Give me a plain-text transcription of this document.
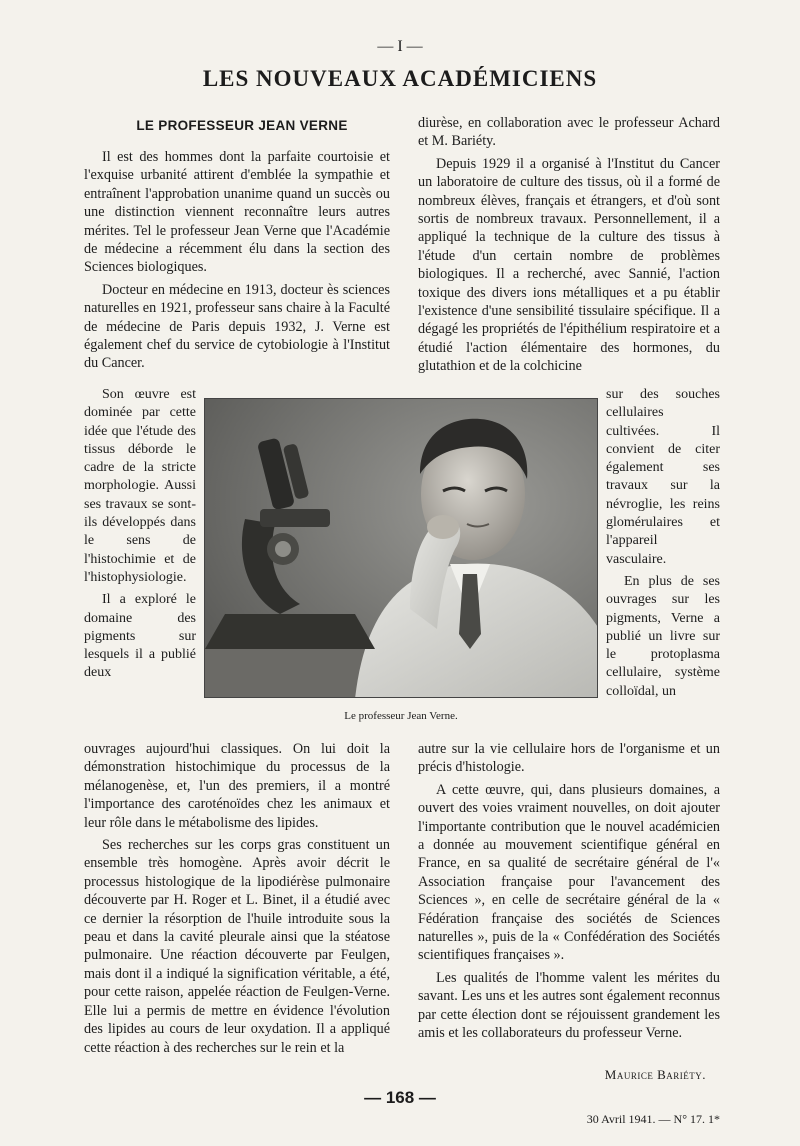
— I —
LES NOUVEAUX ACADÉMICIENS
LE PROFESSEUR JEAN VERNE

Il est des hommes dont la parfaite courtoisie et l'exquise urbanité attirent d'emblée la sympathie et entraînent l'approbation unanime quand un succès ou une distinction viennent reconnaître leurs autres mérites. Tel le professeur Jean Verne que l'Académie de médecine a récemment élu dans la section des Sciences biologiques.

Docteur en médecine en 1913, docteur ès sciences naturelles en 1921, professeur sans chaire à la Faculté de médecine de Paris depuis 1932, J. Verne est également chef du service de cytobiologie à l'Institut du Cancer.

Son œuvre est dominée par cette idée que l'étude des tissus déborde le cadre de la stricte morphologie. Aussi ses travaux se sont-ils développés dans le sens de l'histochimie et de l'histophysiologie.

Il a exploré le domaine des pigments sur lesquels il a publié deux

ouvrages aujourd'hui classiques. On lui doit la démonstration histochimique du processus de la mélanogenèse, et, l'un des premiers, il a montré l'importance des caroténoïdes chez les animaux et leur rôle dans le métabolisme des lipides.

Ses recherches sur les corps gras constituent un ensemble très homogène. Après avoir décrit le processus histologique de la lipodiérèse pulmonaire découverte par H. Roger et L. Binet, il a étudié avec ce dernier la résorption de l'huile introduite sous la peau et dans la cavité pleurale ainsi que la stéatose pulmonaire. Une réaction découverte par Feulgen, mais dont il a indiqué la signification véritable, a été, pour cette raison, appelée réaction de Feulgen-Verne. Elle lui a permis de mettre en évidence l'évolution des lipides au cours de leur oxydation. Il a appliqué cette réaction à des recherches sur le rein et la

diurèse, en collaboration avec le professeur Achard et M. Bariéty.

Depuis 1929 il a organisé à l'Institut du Cancer un laboratoire de culture des tissus, où il a formé de nombreux élèves, français et étrangers, et d'où sont sortis de nombreux travaux. Personnellement, il a appliqué la technique de la culture des tissus à l'étude d'un certain nombre de problèmes biologiques. Il a recherché, avec Sannié, l'action toxique des divers ions métalliques et a pu établir l'existence d'une sensibilité tissulaire spécifique. Il a dégagé les propriétés de l'épithélium respiratoire et a étudié l'action élémentaire des hormones, du glutathion et de la colchicine

sur des souches cellulaires cultivées. Il convient de citer également ses travaux sur la névroglie, les reins glomérulaires et l'appareil vasculaire.

En plus de ses ouvrages sur les pigments, Verne a publié un livre sur le protoplasma cellulaire, système colloïdal, un

autre sur la vie cellulaire hors de l'organisme et un précis d'histologie.

A cette œuvre, qui, dans plusieurs domaines, a ouvert des voies vraiment nouvelles, on doit ajouter l'importante contribution que le nouvel académicien a donnée au mouvement scientifique général en France, en sa qualité de secrétaire général de l'« Association française pour l'avancement des Sciences », en celle de secrétaire général de la « Fédération française des sociétés de Sciences naturelles », puis de la « Confédération des Sociétés scientifiques françaises ».

Les qualités de l'homme valent les mérites du savant. Les uns et les autres sont également reconnus par cette élection dont se réjouissent grandement les amis et les collaborateurs du professeur Verne.

Le professeur Jean Verne.
Maurice Bariéty.
— 168 —
30 Avril 1941. — N° 17. 1*
